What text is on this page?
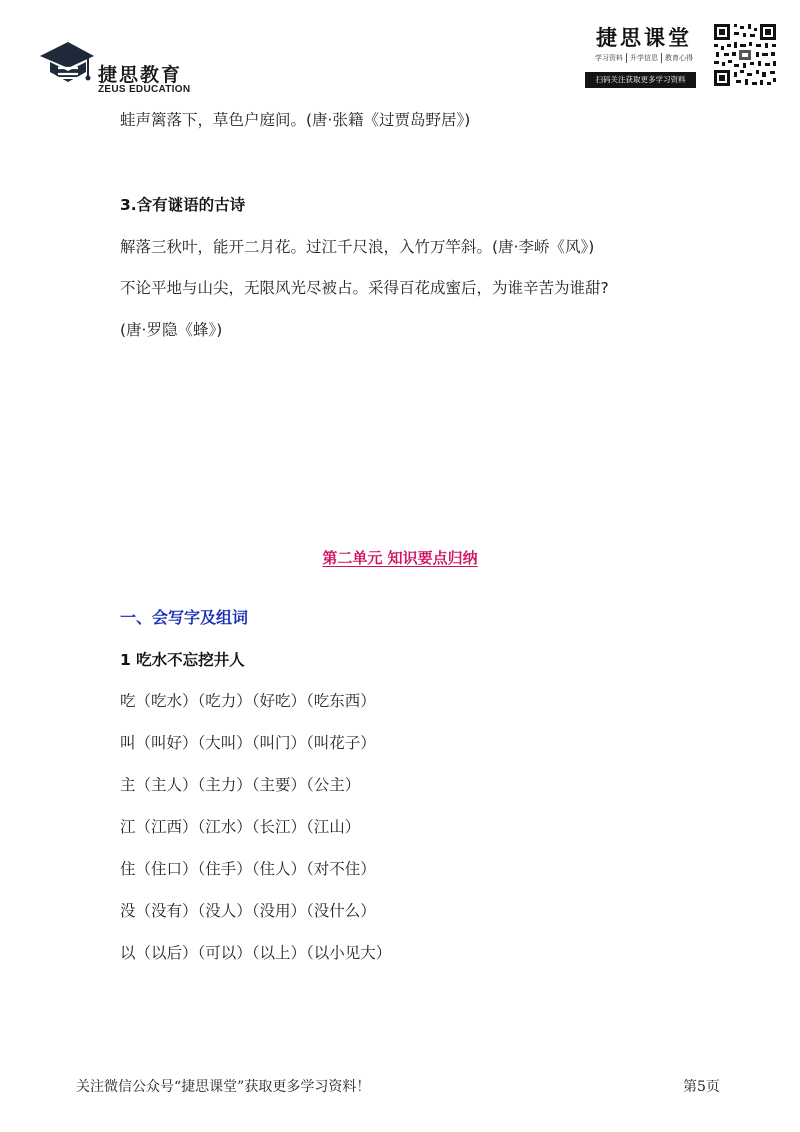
捷思教育
ZEUS EDUCATION
捷思课堂
学习资料	升学信息	教育心得
扫码关注获取更多学习资料
蛙声篱落下，草色户庭间。(唐·张籍《过贾岛野居》)
3.含有谜语的古诗
解落三秋叶，能开二月花。过江千尺浪，入竹万竿斜。(唐·李峤《风》)
不论平地与山尖，无限风光尽被占。采得百花成蜜后，为谁辛苦为谁甜?
(唐·罗隐《蜂》)
第二单元 知识要点归纳
一、会写字及组词
1 吃水不忘挖井人
吃（吃水）（吃力）（好吃）（吃东西）
叫（叫好）（大叫）（叫门）（叫花子）
主（主人）（主力）（主要）（公主）
江（江西）（江水）（长江）（江山）
住（住口）（住手）（住人）（对不住）
没（没有）（没人）（没用）（没什么）
以（以后）（可以）（以上）（以小见大）
关注微信公众号“捷思课堂”获取更多学习资料！	第5页
